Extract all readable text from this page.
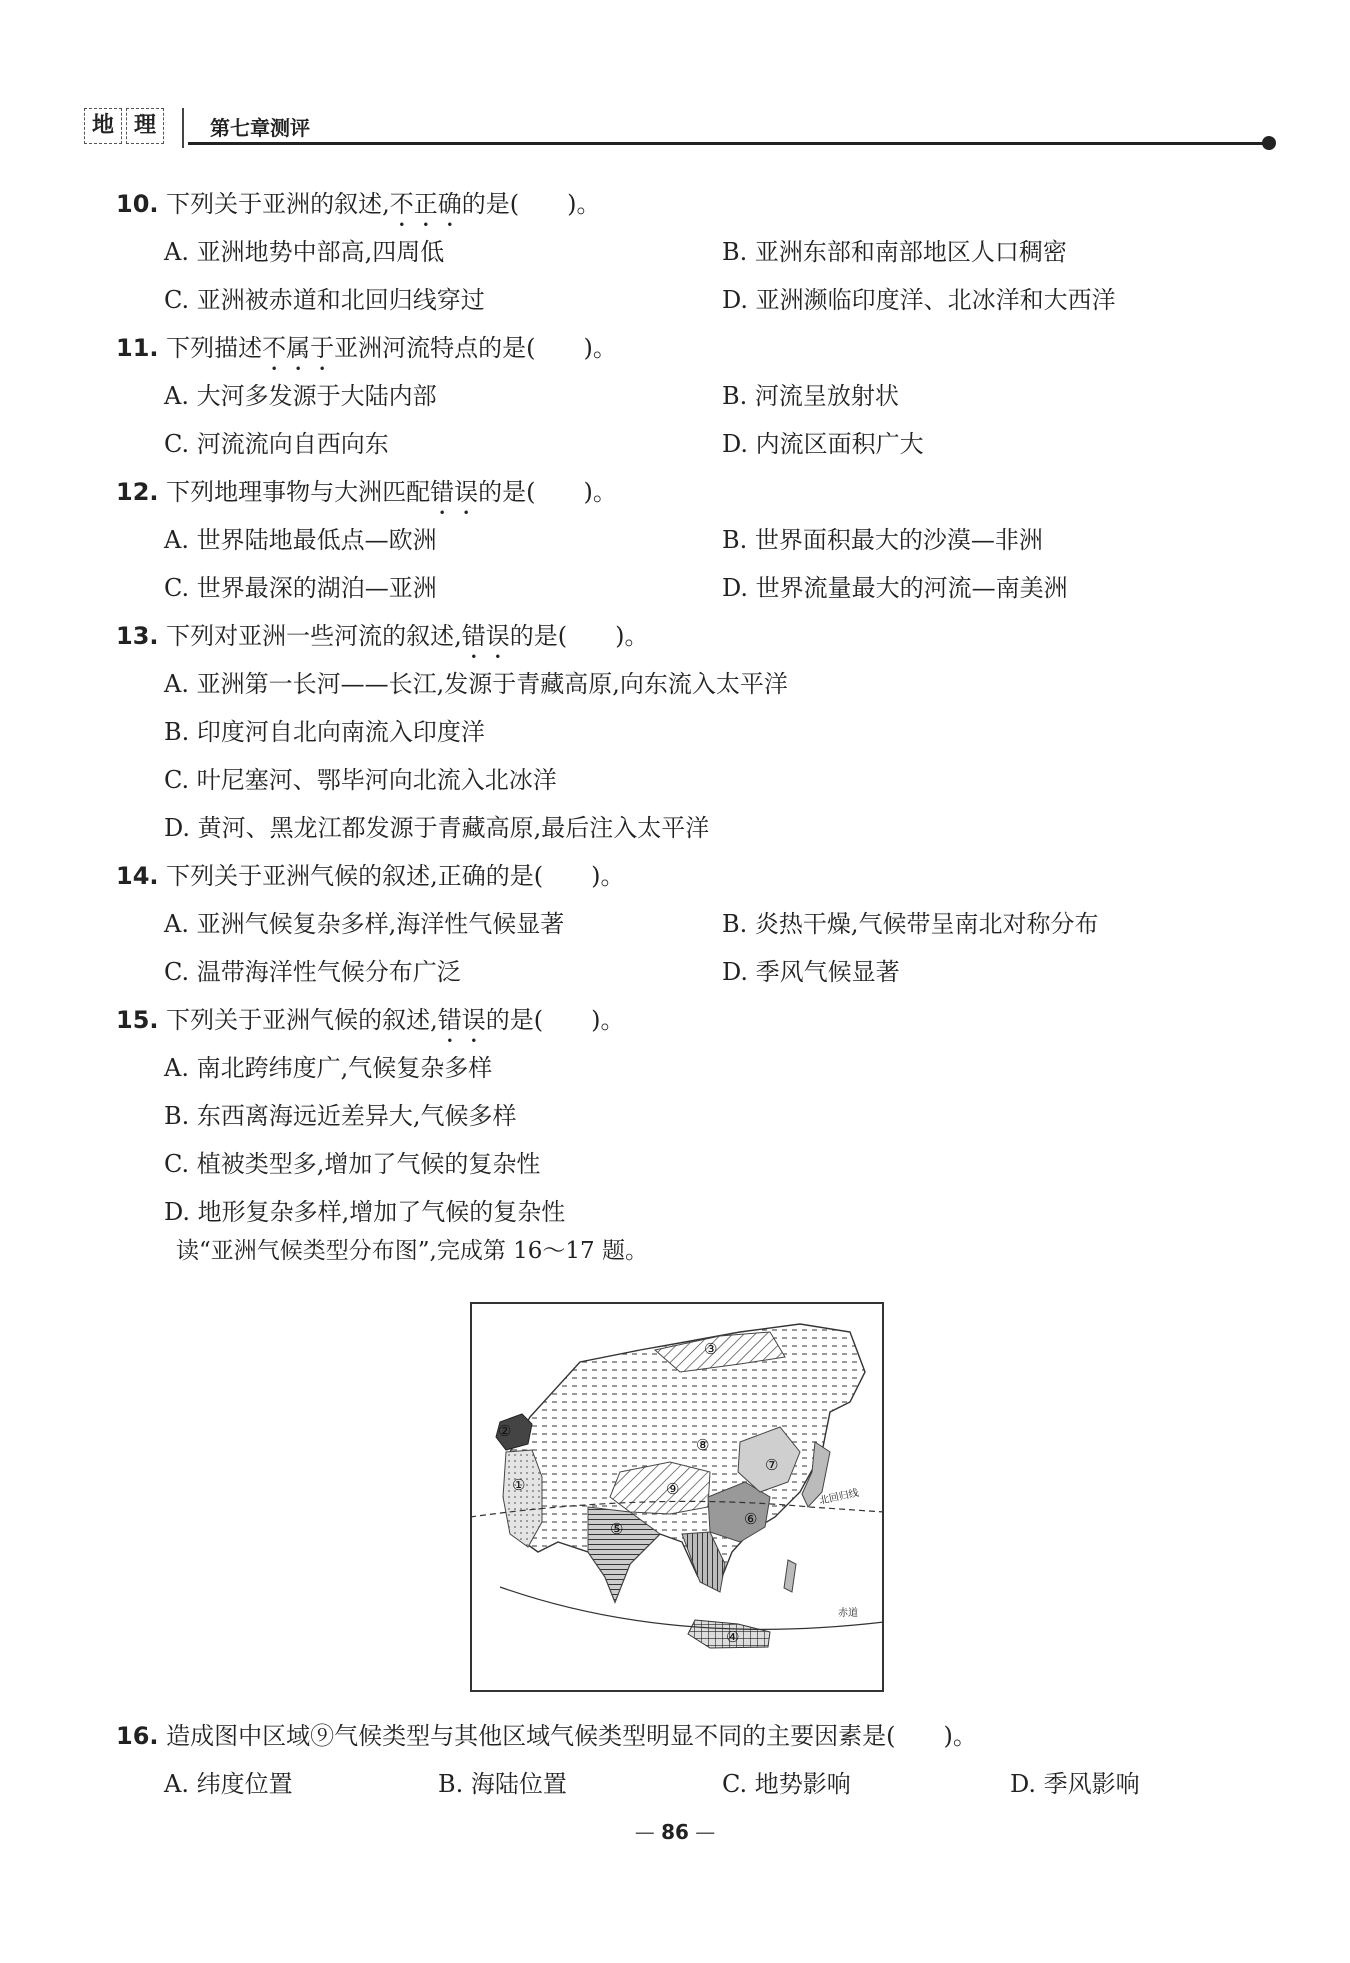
地 理	第七章测评
10. 下列关于亚洲的叙述,不正确的是(　　)。
A. 亚洲地势中部高,四周低	B. 亚洲东部和南部地区人口稠密
C. 亚洲被赤道和北回归线穿过	D. 亚洲濒临印度洋、北冰洋和大西洋
11. 下列描述不属于亚洲河流特点的是(　　)。
A. 大河多发源于大陆内部	B. 河流呈放射状
C. 河流流向自西向东	D. 内流区面积广大
12. 下列地理事物与大洲匹配错误的是(　　)。
A. 世界陆地最低点—欧洲	B. 世界面积最大的沙漠—非洲
C. 世界最深的湖泊—亚洲	D. 世界流量最大的河流—南美洲
13. 下列对亚洲一些河流的叙述,错误的是(　　)。
A. 亚洲第一长河——长江,发源于青藏高原,向东流入太平洋
B. 印度河自北向南流入印度洋
C. 叶尼塞河、鄂毕河向北流入北冰洋
D. 黄河、黑龙江都发源于青藏高原,最后注入太平洋
14. 下列关于亚洲气候的叙述,正确的是(　　)。
A. 亚洲气候复杂多样,海洋性气候显著	B. 炎热干燥,气候带呈南北对称分布
C. 温带海洋性气候分布广泛	D. 季风气候显著
15. 下列关于亚洲气候的叙述,错误的是(　　)。
A. 南北跨纬度广,气候复杂多样
B. 东西离海远近差异大,气候多样
C. 植被类型多,增加了气候的复杂性
D. 地形复杂多样,增加了气候的复杂性
读“亚洲气候类型分布图”,完成第 16～17 题。
①
②
③
④
⑤
⑥
⑦
⑧
⑨	北回归线
赤道
16. 造成图中区域⑨气候类型与其他区域气候类型明显不同的主要因素是(　　)。
A. 纬度位置	B. 海陆位置	C. 地势影响	D. 季风影响
— 86 —
